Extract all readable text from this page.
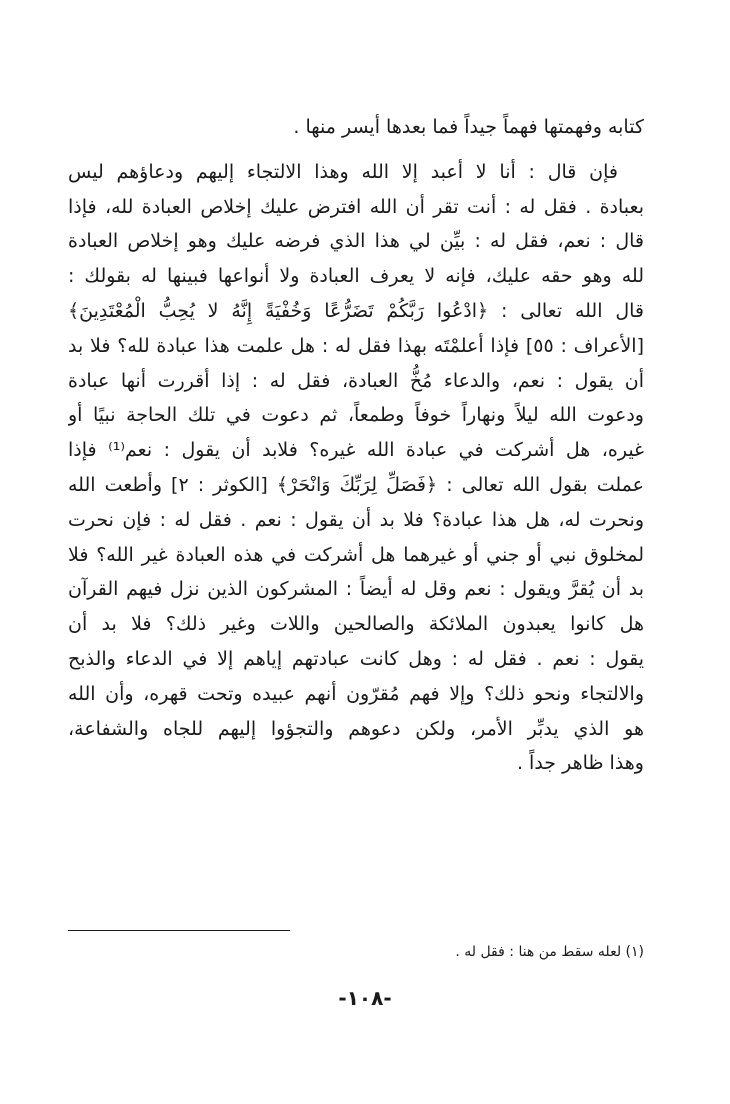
كتابه وفهمتها فهماً جيداً فما بعدها أيسر منها .
فإن قال : أنا لا أعبد إلا الله وهذا الالتجاء إليهم ودعاؤهم ليس
بعبادة . فقل له : أنت تقر أن الله افترض عليك إخلاص العبادة لله، فإذا
قال : نعم، فقل له : بيِّن لي هذا الذي فرضه عليك وهو إخلاص العبادة
لله وهو حقه عليك، فإنه لا يعرف العبادة ولا أنواعها فبينها له بقولك :
قال الله تعالى : ﴿ادْعُوا رَبَّكُمْ تَضَرُّعًا وَخُفْيَةً إِنَّهُ لا يُحِبُّ الْمُعْتَدِينَ﴾
[الأعراف : ٥٥] فإذا أعلمْتَه بهذا فقل له : هل علمت هذا عبادة لله؟ فلا بد
أن يقول : نعم، والدعاء مُخُّ العبادة، فقل له : إذا أقررت أنها عبادة
ودعوت الله ليلاً ونهاراً خوفاً وطمعاً، ثم دعوت في تلك الحاجة نبيًا أو
غيره، هل أشركت في عبادة الله غيره؟ فلابد أن يقول : نعم⁽¹⁾ فإذا
عملت بقول الله تعالى : ﴿فَصَلِّ لِرَبِّكَ وَانْحَرْ﴾ [الكوثر : ٢] وأطعت الله
ونحرت له، هل هذا عبادة؟ فلا بد أن يقول : نعم . فقل له : فإن نحرت
لمخلوق نبي أو جني أو غيرهما هل أشركت في هذه العبادة غير الله؟ فلا
بد أن يُقرَّ ويقول : نعم وقل له أيضاً : المشركون الذين نزل فيهم القرآن
هل كانوا يعبدون الملائكة والصالحين واللات وغير ذلك؟ فلا بد أن
يقول : نعم . فقل له : وهل كانت عبادتهم إياهم إلا في الدعاء والذبح
والالتجاء ونحو ذلك؟ وإلا فهم مُقرّون أنهم عبيده وتحت قهره، وأن الله
هو الذي يدبِّر الأمر، ولكن دعوهم والتجؤوا إليهم للجاه والشفاعة،
وهذا ظاهر جداً .
(١) لعله سقط من هنا : فقل له .
-١٠٨-
